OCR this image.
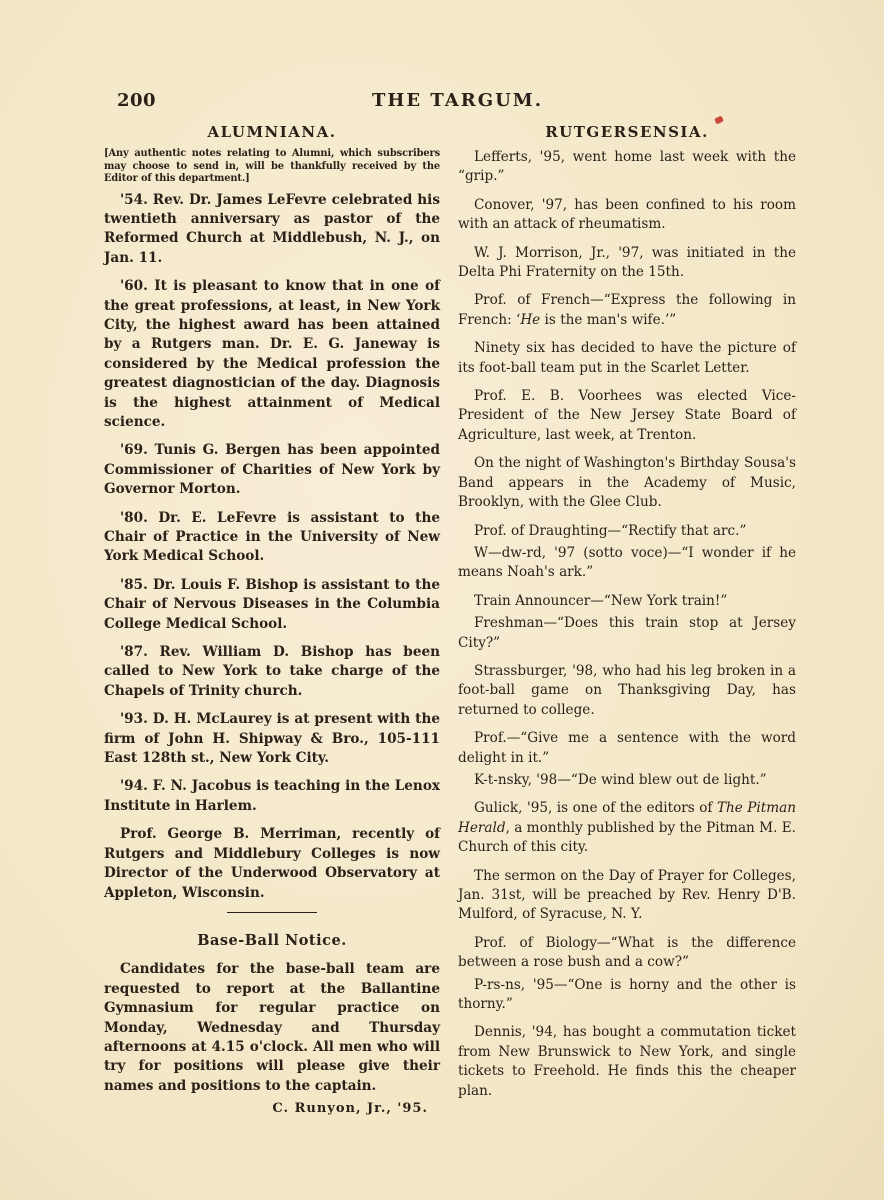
200	THE TARGUM.
ALUMNIANA.
[Any authentic notes relating to Alumni, which subscribers may choose to send in, will be thankfully received by the Editor of this department.]

'54. Rev. Dr. James LeFevre celebrated his twentieth anniversary as pastor of the Reformed Church at Middlebush, N. J., on Jan. 11.

'60. It is pleasant to know that in one of the great professions, at least, in New York City, the highest award has been attained by a Rutgers man. Dr. E. G. Janeway is considered by the Medical profession the greatest diagnostician of the day. Diagnosis is the highest attainment of Medical science.

'69. Tunis G. Bergen has been appointed Commissioner of Charities of New York by Governor Morton.

'80. Dr. E. LeFevre is assistant to the Chair of Practice in the University of New York Medical School.

'85. Dr. Louis F. Bishop is assistant to the Chair of Nervous Diseases in the Columbia College Medical School.

'87. Rev. William D. Bishop has been called to New York to take charge of the Chapels of Trinity church.

'93. D. H. McLaurey is at present with the firm of John H. Shipway & Bro., 105-111 East 128th st., New York City.

'94. F. N. Jacobus is teaching in the Lenox Institute in Harlem.

Prof. George B. Merriman, recently of Rutgers and Middlebury Colleges is now Director of the Underwood Observatory at Appleton, Wisconsin.

Base-Ball Notice.

Candidates for the base-ball team are requested to report at the Ballantine Gymnasium for regular practice on Monday, Wednesday and Thursday afternoons at 4.15 o'clock. All men who will try for positions will please give their names and positions to the captain.

C. Runyon, Jr., '95.

RUTGERSENSIA.

Lefferts, '95, went home last week with the “grip.”

Conover, '97, has been confined to his room with an attack of rheumatism.

W. J. Morrison, Jr., '97, was initiated in the Delta Phi Fraternity on the 15th.

Prof. of French—“Express the following in French: ‘He is the man's wife.’”

Ninety six has decided to have the picture of its foot-ball team put in the Scarlet Letter.

Prof. E. B. Voorhees was elected Vice-President of the New Jersey State Board of Agriculture, last week, at Trenton.

On the night of Washington's Birthday Sousa's Band appears in the Academy of Music, Brooklyn, with the Glee Club.

Prof. of Draughting—“Rectify that arc.”

W—dw-rd, '97 (sotto voce)—“I wonder if he means Noah's ark.”

Train Announcer—“New York train!”

Freshman—“Does this train stop at Jersey City?”

Strassburger, '98, who had his leg broken in a foot-ball game on Thanksgiving Day, has returned to college.

Prof.—“Give me a sentence with the word delight in it.”

K-t-nsky, '98—“De wind blew out de light.”

Gulick, '95, is one of the editors of The Pitman Herald, a monthly published by the Pitman M. E. Church of this city.

The sermon on the Day of Prayer for Colleges, Jan. 31st, will be preached by Rev. Henry D'B. Mulford, of Syracuse, N. Y.

Prof. of Biology—“What is the difference between a rose bush and a cow?”

P-rs-ns, '95—“One is horny and the other is thorny.”

Dennis, '94, has bought a commutation ticket from New Brunswick to New York, and single tickets to Freehold. He finds this the cheaper plan.
